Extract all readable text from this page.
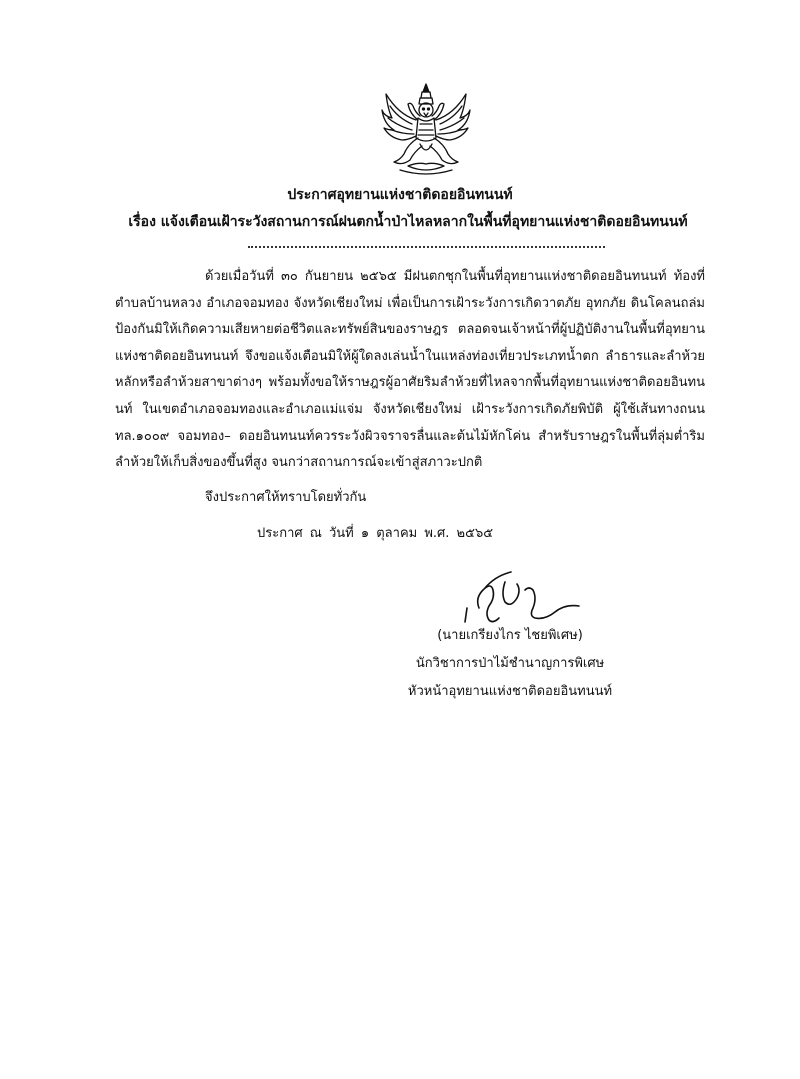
ประกาศอุทยานแห่งชาติดอยอินทนนท์
เรื่อง แจ้งเตือนเฝ้าระวังสถานการณ์ฝนตกน้ำป่าไหลหลากในพื้นที่อุทยานแห่งชาติดอยอินทนนท์

ด้วยเมื่อวันที่ ๓๐ กันยายน ๒๕๖๕ มีฝนตกชุกในพื้นที่อุทยานแห่งชาติดอยอินทนนท์ ท้องที่ตำบลบ้านหลวง อำเภอจอมทอง จังหวัดเชียงใหม่ เพื่อเป็นการเฝ้าระวังการเกิดวาตภัย อุทกภัย ดินโคลนถล่ม ป้องกันมิให้เกิดความเสียหายต่อชีวิตและทรัพย์สินของราษฎร ตลอดจนเจ้าหน้าที่ผู้ปฏิบัติงานในพื้นที่อุทยานแห่งชาติดอยอินทนนท์ จึงขอแจ้งเตือนมิให้ผู้ใดลงเล่นน้ำในแหล่งท่องเที่ยวประเภทน้ำตก ลำธารและลำห้วยหลักหรือลำห้วยสาขาต่างๆ พร้อมทั้งขอให้ราษฎรผู้อาศัยริมลำห้วยที่ไหลจากพื้นที่อุทยานแห่งชาติดอยอินทนนท์ ในเขตอำเภอจอมทองและอำเภอแม่แจ่ม จังหวัดเชียงใหม่ เฝ้าระวังการเกิดภัยพิบัติ ผู้ใช้เส้นทางถนน ทล.๑๐๐๙ จอมทอง– ดอยอินทนนท์ควรระวังผิวจราจรลื่นและต้นไม้หักโค่น สำหรับราษฎรในพื้นที่ลุ่มต่ำริมลำห้วยให้เก็บสิ่งของขึ้นที่สูง จนกว่าสถานการณ์จะเข้าสู่สภาวะปกติ

จึงประกาศให้ทราบโดยทั่วกัน
ประกาศ ณ วันที่ ๑ ตุลาคม พ.ศ. ๒๕๖๕
(นายเกรียงไกร ไชยพิเศษ)
นักวิชาการป่าไม้ชำนาญการพิเศษ
หัวหน้าอุทยานแห่งชาติดอยอินทนนท์
